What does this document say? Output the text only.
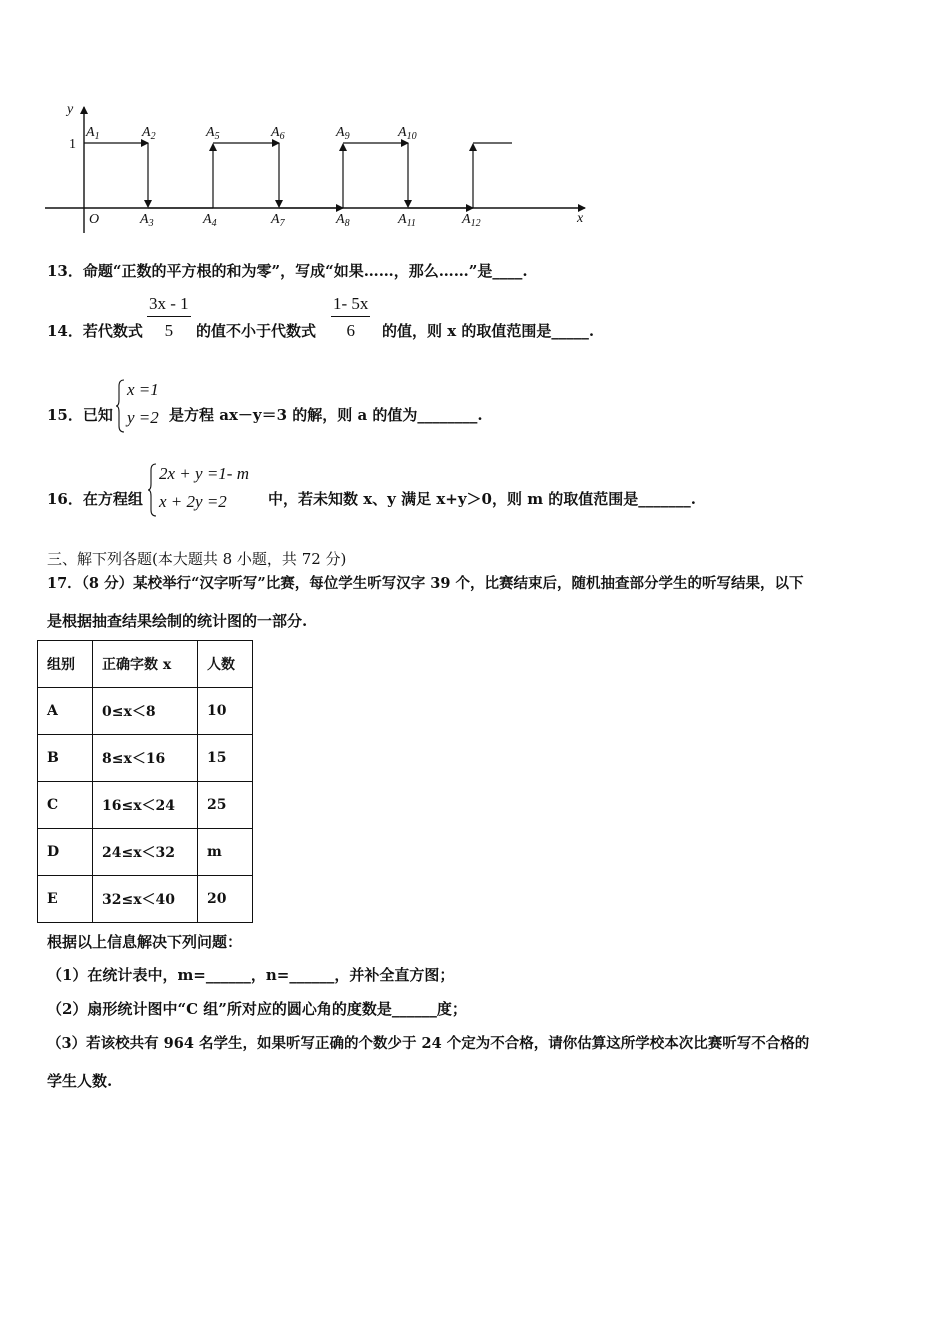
y
x
O
1
$A_1$	$A_2$	$A_5$	$A_6$	$A_9$	$A_{10}$
$A_3$	$A_4$	$A_7$	$A_8$	$A_{11}$	$A_{12}$
13．命题“正数的平方根的和为零”，写成“如果……，那么……”是____.
14．若代数式 $\frac{3x - 1}{5}$ 的值不小于代数式 $\frac{1- 5x}{6}$ 的值，则 x 的取值范围是_____.
15．已知
x =1
y =2 是方程 ax－y＝3 的解，则 a 的值为________.
16．在方程组
2x + y =1- m
x + 2y =2	中，若未知数 x、y 满足 x+y＞0，则 m 的取值范围是_______.
三、解下列各题(本大题共 8 小题，共 72 分)
17．（8 分）某校举行“汉字听写”比赛，每位学生听写汉字 39 个，比赛结束后，随机抽查部分学生的听写结果，以下
是根据抽查结果绘制的统计图的一部分.
组别	正确字数 x	人数
A	0≤x＜8	10
B	8≤x＜16	15
C	16≤x＜24	25
D	24≤x＜32	m
E	32≤x＜40	20
根据以上信息解决下列问题：
（1）在统计表中，m=______，n=______，并补全直方图；
（2）扇形统计图中“C 组”所对应的圆心角的度数是______度；
（3）若该校共有 964 名学生，如果听写正确的个数少于 24 个定为不合格，请你估算这所学校本次比赛听写不合格的
学生人数.
